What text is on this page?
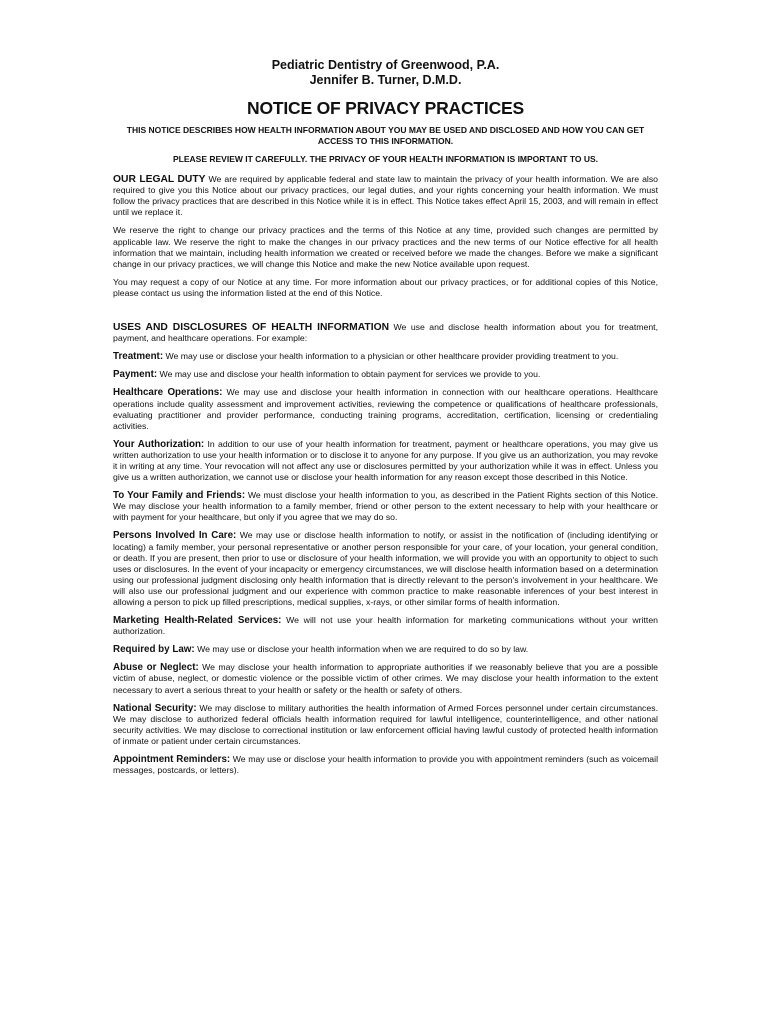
Pediatric Dentistry of Greenwood, P.A.
Jennifer B. Turner, D.M.D.
NOTICE OF PRIVACY PRACTICES
THIS NOTICE DESCRIBES HOW HEALTH INFORMATION ABOUT YOU MAY BE USED AND DISCLOSED AND HOW YOU CAN GET ACCESS TO THIS INFORMATION.
PLEASE REVIEW IT CAREFULLY. THE PRIVACY OF YOUR HEALTH INFORMATION IS IMPORTANT TO US.

OUR LEGAL DUTY We are required by applicable federal and state law to maintain the privacy of your health information. We are also required to give you this Notice about our privacy practices, our legal duties, and your rights concerning your health information. We must follow the privacy practices that are described in this Notice while it is in effect. This Notice takes effect April 15, 2003, and will remain in effect until we replace it.

We reserve the right to change our privacy practices and the terms of this Notice at any time, provided such changes are permitted by applicable law. We reserve the right to make the changes in our privacy practices and the new terms of our Notice effective for all health information that we maintain, including health information we created or received before we made the changes. Before we make a significant change in our privacy practices, we will change this Notice and make the new Notice available upon request.

You may request a copy of our Notice at any time. For more information about our privacy practices, or for additional copies of this Notice, please contact us using the information listed at the end of this Notice.

USES AND DISCLOSURES OF HEALTH INFORMATION We use and disclose health information about you for treatment, payment, and healthcare operations. For example:

Treatment: We may use or disclose your health information to a physician or other healthcare provider providing treatment to you.

Payment: We may use and disclose your health information to obtain payment for services we provide to you.

Healthcare Operations: We may use and disclose your health information in connection with our healthcare operations. Healthcare operations include quality assessment and improvement activities, reviewing the competence or qualifications of healthcare professionals, evaluating practitioner and provider performance, conducting training programs, accreditation, certification, licensing or credentialing activities.

Your Authorization: In addition to our use of your health information for treatment, payment or healthcare operations, you may give us written authorization to use your health information or to disclose it to anyone for any purpose. If you give us an authorization, you may revoke it in writing at any time. Your revocation will not affect any use or disclosures permitted by your authorization while it was in effect. Unless you give us a written authorization, we cannot use or disclose your health information for any reason except those described in this Notice.

To Your Family and Friends: We must disclose your health information to you, as described in the Patient Rights section of this Notice. We may disclose your health information to a family member, friend or other person to the extent necessary to help with your healthcare or with payment for your healthcare, but only if you agree that we may do so.

Persons Involved In Care: We may use or disclose health information to notify, or assist in the notification of (including identifying or locating) a family member, your personal representative or another person responsible for your care, of your location, your general condition, or death. If you are present, then prior to use or disclosure of your health information, we will provide you with an opportunity to object to such uses or disclosures. In the event of your incapacity or emergency circumstances, we will disclose health information based on a determination using our professional judgment disclosing only health information that is directly relevant to the person's involvement in your healthcare. We will also use our professional judgment and our experience with common practice to make reasonable inferences of your best interest in allowing a person to pick up filled prescriptions, medical supplies, x-rays, or other similar forms of health information.

Marketing Health-Related Services: We will not use your health information for marketing communications without your written authorization.

Required by Law: We may use or disclose your health information when we are required to do so by law.

Abuse or Neglect: We may disclose your health information to appropriate authorities if we reasonably believe that you are a possible victim of abuse, neglect, or domestic violence or the possible victim of other crimes. We may disclose your health information to the extent necessary to avert a serious threat to your health or safety or the health or safety of others.

National Security: We may disclose to military authorities the health information of Armed Forces personnel under certain circumstances. We may disclose to authorized federal officials health information required for lawful intelligence, counterintelligence, and other national security activities. We may disclose to correctional institution or law enforcement official having lawful custody of protected health information of inmate or patient under certain circumstances.

Appointment Reminders: We may use or disclose your health information to provide you with appointment reminders (such as voicemail messages, postcards, or letters).
